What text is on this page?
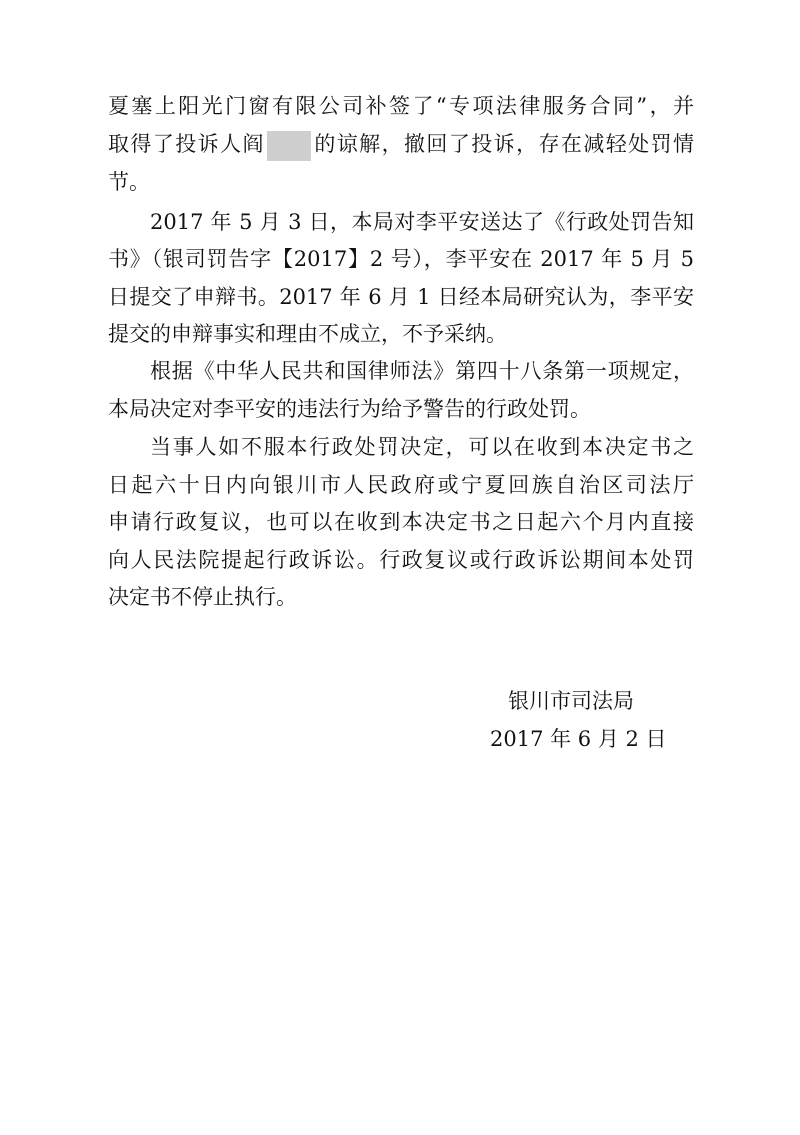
夏塞上阳光门窗有限公司补签了“专项法律服务合同”，并
取得了投诉人阎 的谅解，撤回了投诉，存在减轻处罚情
节。
2017 年 5 月 3 日，本局对李平安送达了《行政处罚告知
书》（银司罚告字【2017】2 号），李平安在 2017 年 5 月 5
日提交了申辩书。2017 年 6 月 1 日经本局研究认为，李平安
提交的申辩事实和理由不成立，不予采纳。
根据《中华人民共和国律师法》第四十八条第一项规定，
本局决定对李平安的违法行为给予警告的行政处罚。
当事人如不服本行政处罚决定，可以在收到本决定书之
日起六十日内向银川市人民政府或宁夏回族自治区司法厅
申请行政复议，也可以在收到本决定书之日起六个月内直接
向人民法院提起行政诉讼。行政复议或行政诉讼期间本处罚
决定书不停止执行。
银川市司法局
2017 年 6 月 2 日
